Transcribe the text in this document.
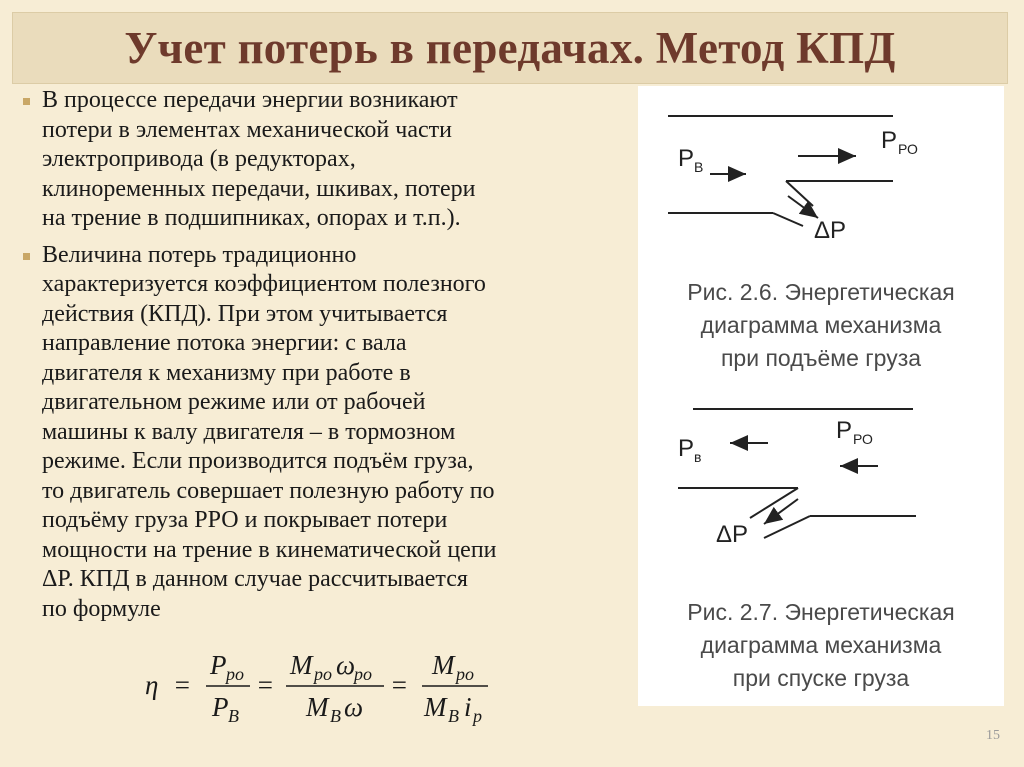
Учет потерь в передачах. Метод КПД
В процессе передачи энергии возникают
потери в элементах механической части
электропривода (в редукторах,
клиноременных передачи, шкивах, потери
на трение в подшипниках, опорах и т.п.).
Величина потерь традиционно
характеризуется коэффициентом полезного
действия (КПД). При этом учитывается
направление потока энергии: с вала
двигателя к механизму при работе в
двигательном режиме или от рабочей
машины к валу двигателя – в тормозном
режиме. Если производится подъём груза,
то двигатель совершает полезную работу по
подъёму груза РРО и покрывает потери
мощности на трение в кинематической цепи
ΔР. КПД в данном случае рассчитывается
по формуле
η =
P ро
P В
=
M ро ω
ро
M В ω
=
M ро
M В i р
Р В
Р РО
ΔР
Р в
Р РО
ΔР
Рис. 2.6. Энергетическая
диаграмма механизма
при подъёме груза
Рис. 2.7. Энергетическая
диаграмма механизма
при спуске груза
15
